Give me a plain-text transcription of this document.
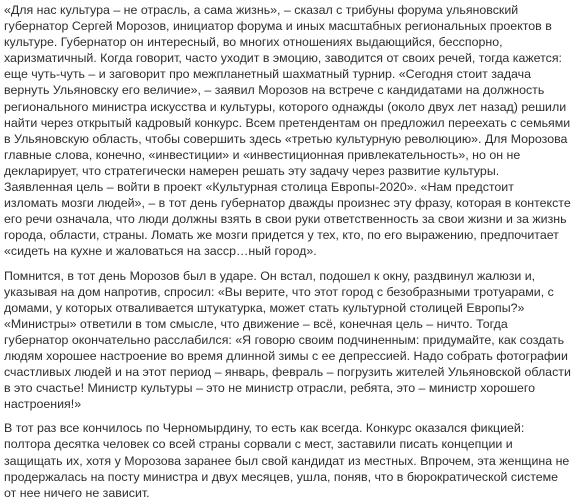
«Для нас культура – не отрасль, а сама жизнь», – сказал с трибуны форума ульяновский губернатор Сергей Морозов, инициатор форума и иных масштабных региональных проектов в культуре. Губернатор он интересный, во многих отношениях выдающийся, бесспорно, харизматичный. Когда говорит, часто уходит в эмоцию, заводится от своих речей, тогда кажется: еще чуть-чуть – и заговорит про межпланетный шахматный турнир. «Сегодня стоит задача вернуть Ульяновску его величие», – заявил Морозов на встрече с кандидатами на должность регионального министра искусства и культуры, которого однажды (около двух лет назад) решили найти через открытый кадровый конкурс. Всем претендентам он предложил переехать с семьями в Ульяновскую область, чтобы совершить здесь «третью культурную революцию». Для Морозова главные слова, конечно, «инвестиции» и «инвестиционная привлекательность», но он не декларирует, что стратегически намерен решать эту задачу через развитие культуры. Заявленная цель – войти в проект «Культурная столица Европы-2020». «Нам предстоит изломать мозги людей», – в тот день губернатор дважды произнес эту фразу, которая в контексте его речи означала, что люди должны взять в свои руки ответственность за свои жизни и за жизнь города, области, страны. Ломать же мозги придется у тех, кто, по его выражению, предпочитает «сидеть на кухне и жаловаться на засср…ный город».

Помнится, в тот день Морозов был в ударе. Он встал, подошел к окну, раздвинул жалюзи и, указывая на дом напротив, спросил: «Вы верите, что этот город с безобразными тротуарами, с домами, у которых отваливается штукатурка, может стать культурной столицей Европы?» «Министры» ответили в том смысле, что движение – всё, конечная цель – ничто. Тогда губернатор окончательно расслабился: «Я говорю своим подчиненным: придумайте, как создать людям хорошее настроение во время длинной зимы с ее депрессией. Надо собрать фотографии счастливых людей и на этот период – январь, февраль – погрузить жителей Ульяновской области в это счастье! Министр культуры – это не министр отрасли, ребята, это – министр хорошего настроения!»

В тот раз все кончилось по Черномырдину, то есть как всегда. Конкурс оказался фикцией: полтора десятка человек со всей страны сорвали с мест, заставили писать концепции и защищать их, хотя у Морозова заранее был свой кандидат из местных. Впрочем, эта женщина не продержалась на посту министра и двух месяцев, ушла, поняв, что в бюрократической системе от нее ничего не зависит.
